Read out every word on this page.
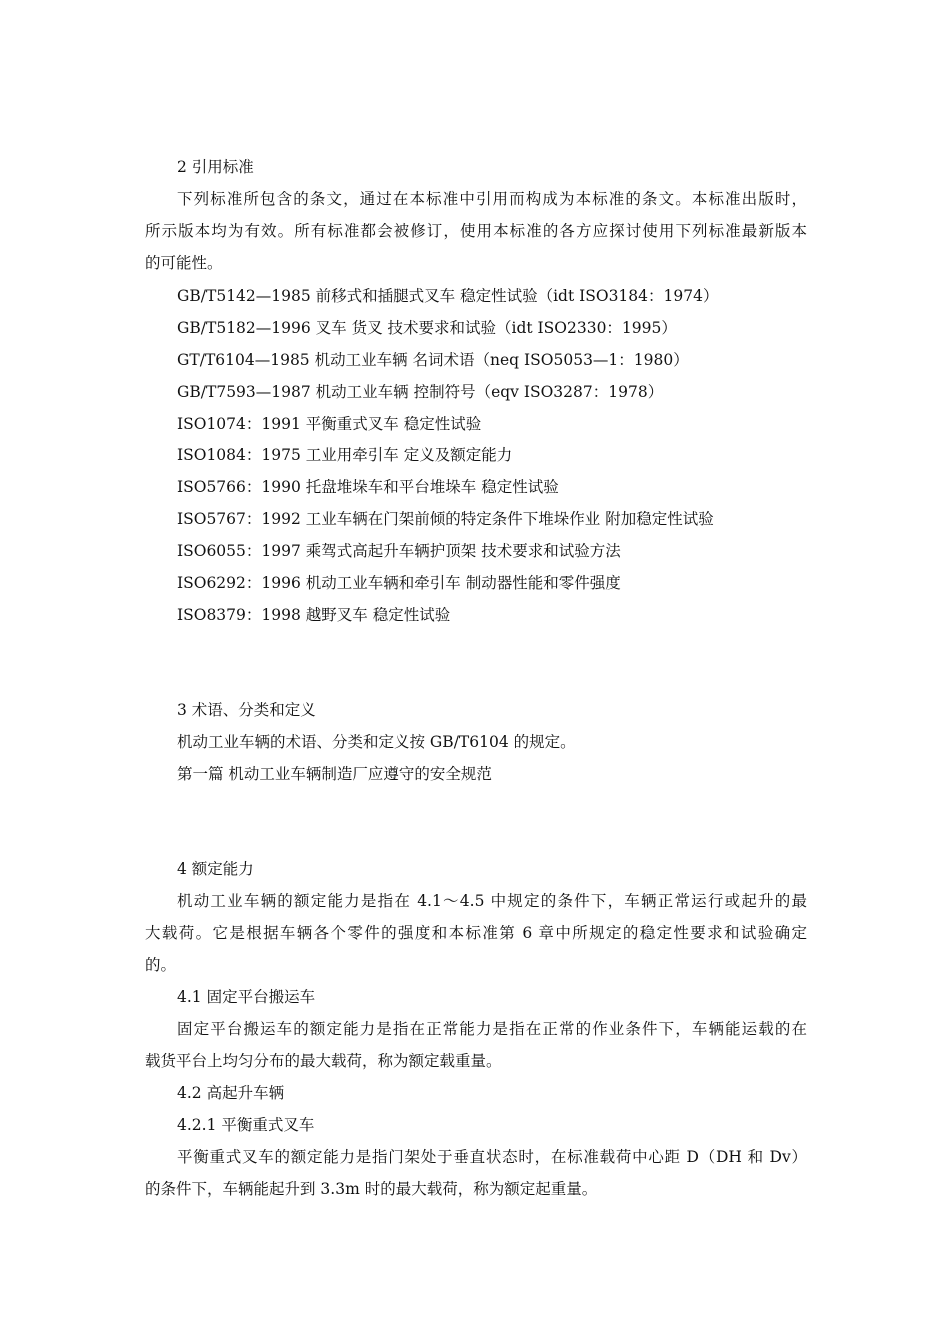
2 引用标准
下列标准所包含的条文，通过在本标准中引用而构成为本标准的条文。本标准出版时，
所示版本均为有效。所有标准都会被修订，使用本标准的各方应探讨使用下列标准最新版本
的可能性。
GB/T5142—1985 前移式和插腿式叉车 稳定性试验（idt ISO3184：1974）
GB/T5182—1996 叉车 货叉 技术要求和试验（idt ISO2330：1995）
GT/T6104—1985 机动工业车辆 名词术语（neq ISO5053—1：1980）
GB/T7593—1987 机动工业车辆 控制符号（eqv ISO3287：1978）
ISO1074：1991 平衡重式叉车 稳定性试验
ISO1084：1975 工业用牵引车 定义及额定能力
ISO5766：1990 托盘堆垛车和平台堆垛车 稳定性试验
ISO5767：1992 工业车辆在门架前倾的特定条件下堆垛作业 附加稳定性试验
ISO6055：1997 乘驾式高起升车辆护顶架 技术要求和试验方法
ISO6292：1996 机动工业车辆和牵引车 制动器性能和零件强度
ISO8379：1998 越野叉车 稳定性试验
3 术语、分类和定义
机动工业车辆的术语、分类和定义按 GB/T6104 的规定。
第一篇 机动工业车辆制造厂应遵守的安全规范
4 额定能力
机动工业车辆的额定能力是指在 4.1～4.5 中规定的条件下，车辆正常运行或起升的最
大载荷。它是根据车辆各个零件的强度和本标准第 6 章中所规定的稳定性要求和试验确定
的。
4.1 固定平台搬运车
固定平台搬运车的额定能力是指在正常能力是指在正常的作业条件下，车辆能运载的在
载货平台上均匀分布的最大载荷，称为额定载重量。
4.2 高起升车辆
4.2.1 平衡重式叉车
平衡重式叉车的额定能力是指门架处于垂直状态时，在标准载荷中心距 D（DH 和 Dv）
的条件下，车辆能起升到 3.3m 时的最大载荷，称为额定起重量。
